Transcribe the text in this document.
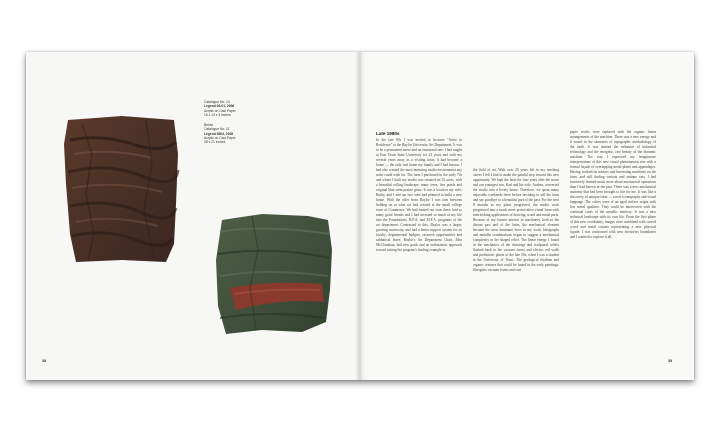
Catalogue No. 10
Legend 06-01, 2006
Acrylic on Cast Paper
16 x 14 x 3 inches
Below
Catalogue No. 11
Legend 0804, 2008
Acrylic on Cast Paper
28 x 21 inches
38
Late 1980s

In the late 80s I was invited to become "Artist in Residence" at the Baylor University Art Department. It was to be a permanent move and an emotional one. I had taught at East Texas State University for 23 years and with my several years away as a visiting artist, it had become a home — the only real home my family and I had known. I had also created the most nurturing studio environment any artist could wish for. The farm I purchased in the early 70s and where I built my studio was situated on 33 acres, with a beautiful rolling landscape, many trees, five ponds and original blue stem prairie grass. It was a location my wife, Ruthy, and I and our two sons had planned to build a new home. With the offer from Baylor I was torn between holding on to what we had created at the small college town of Commerce. We had treated our sons there, had so many good friends and I had invested so much of my life into the Foundations, B.F.A. and M.F.A. programs of the art department. Contrasted to this, Baylor was a larger, growing university, and had a better support system for its faculty, departmental budgets, research opportunities and sabbatical leave. Baylor's Art Department Chair, John McClanahan, had new goals and an enthusiastic approach toward raising the program's leading example in

the field of art. With over 20 years left in my teaching career I felt I had to make the painful step toward this new opportunity. We kept the farm for four years after the move and our youngest son, Karl and his wife, Andrea, converted the studio into a lovely home. Therefore, we spent many enjoyable weekends there before deciding to sell the farm and say goodbye to a beautiful part of the past. For the next 8 months as my plans progressed, the studio work progressed into a much more provocative visual form with interlocking applications of drawing, wood and metal parts. Because of my former interest in machinery, both in the distant past and of the latter, the mechanical element became the most dominant force in my work. Ideographs and metallic combinations began to suggest a mechanical complexity in the shaped relief. The linear energy I found in the mechanics of the drawings and sculptural reliefs flashed back to the vacuum forms and electric red walls and prehistoric plants of the late 50s, when I was a student at the University of Texas. The geological rhythms and organic textures that could be found in the early paintings, fiberglass vacuum forms and cast

paper works were replaced with the organic linear arrangements of the machine. There was a new energy and it wasn't in the sameness of topographic methodology of the earth. It was instead the influence of industrial technology and the energetic, raw beauty of the dynamic machine. The way I expressed my imaginative interpretations of this new visual phenomenon was with a formal façade of overlapping metal plates and appendages. Having worked on tractors and harvesting machines on the farm, and still finding various and antique cars, I had intuitively learned much more about mechanical operations than I had known in the past. There was a new mechanical anatomy that had been brought to life for me. It was like a discovery of antique form — a new iconography and visual language. The colors were of an aged surface origin with low metal qualities. They could be interwoven with the continual cares of the metallic memory. It was a new technical landscape with its own life. From the first phase of this new vocabulary, images were combined with carved wood and metal cutouts representing a new physical façade. I was confronted with new territories boundaries and I wanted to explore it all.

39
